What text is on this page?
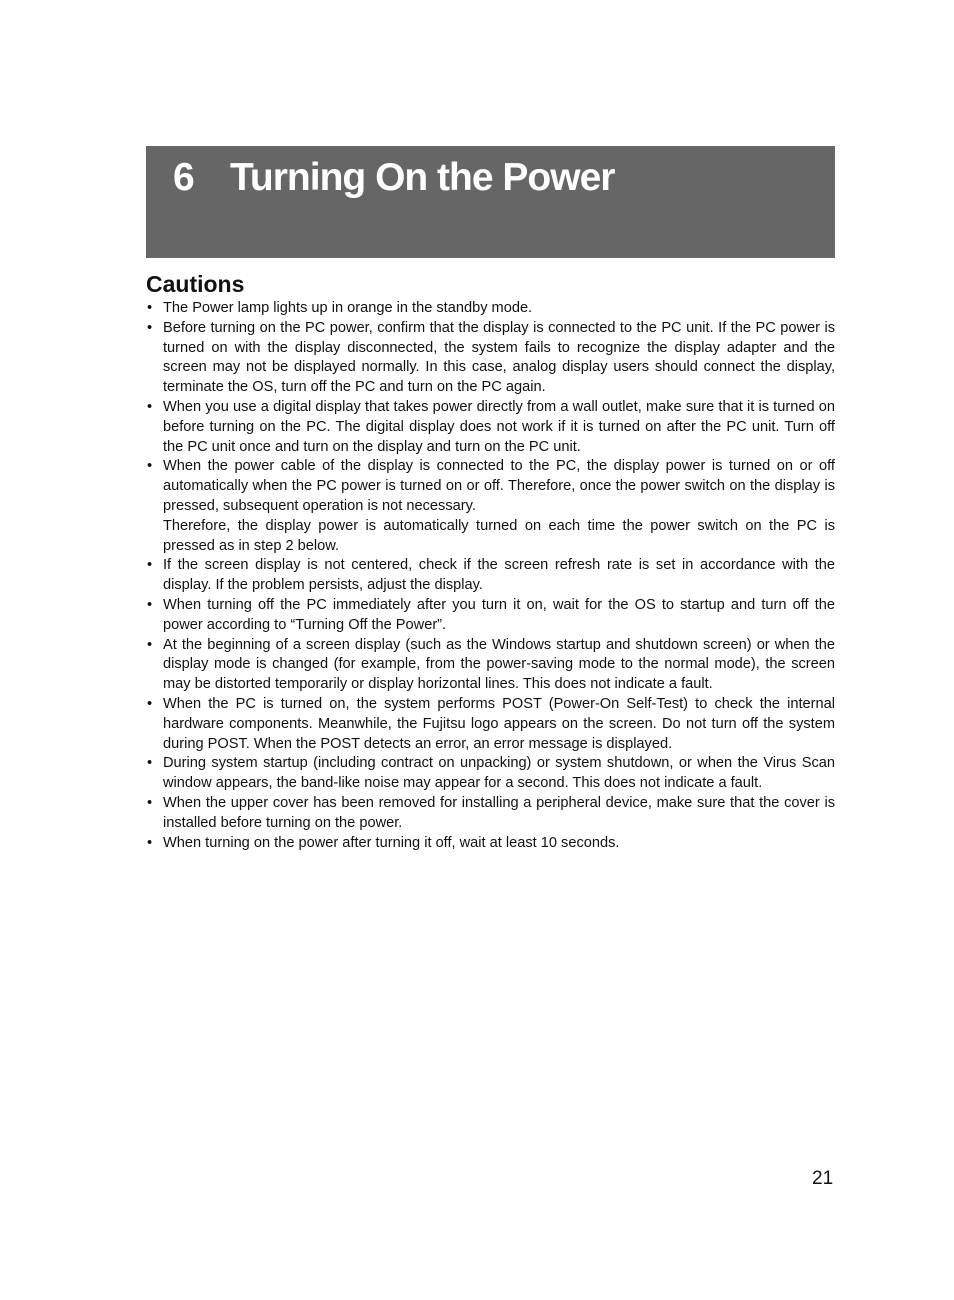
6 Turning On the Power
Cautions
• The Power lamp lights up in orange in the standby mode.
• Before turning on the PC power, confirm that the display is connected to the PC unit. If the PC power is turned on with the display disconnected, the system fails to recognize the display adapter and the screen may not be displayed normally. In this case, analog display users should connect the display, terminate the OS, turn off the PC and turn on the PC again.
• When you use a digital display that takes power directly from a wall outlet, make sure that it is turned on before turning on the PC. The digital display does not work if it is turned on after the PC unit. Turn off the PC unit once and turn on the display and turn on the PC unit.
• When the power cable of the display is connected to the PC, the display power is turned on or off automatically when the PC power is turned on or off. Therefore, once the power switch on the display is pressed, subsequent operation is not necessary.
Therefore, the display power is automatically turned on each time the power switch on the PC is pressed as in step 2 below.
• If the screen display is not centered, check if the screen refresh rate is set in accordance with the display. If the problem persists, adjust the display.
• When turning off the PC immediately after you turn it on, wait for the OS to startup and turn off the power according to “Turning Off the Power”.
• At the beginning of a screen display (such as the Windows startup and shutdown screen) or when the display mode is changed (for example, from the power-saving mode to the normal mode), the screen may be distorted temporarily or display horizontal lines. This does not indicate a fault.
• When the PC is turned on, the system performs POST (Power-On Self-Test) to check the internal hardware components. Meanwhile, the Fujitsu logo appears on the screen. Do not turn off the system during POST. When the POST detects an error, an error message is displayed.
• During system startup (including contract on unpacking) or system shutdown, or when the Virus Scan window appears, the band-like noise may appear for a second. This does not indicate a fault.
• When the upper cover has been removed for installing a peripheral device, make sure that the cover is installed before turning on the power.
• When turning on the power after turning it off, wait at least 10 seconds.
21
